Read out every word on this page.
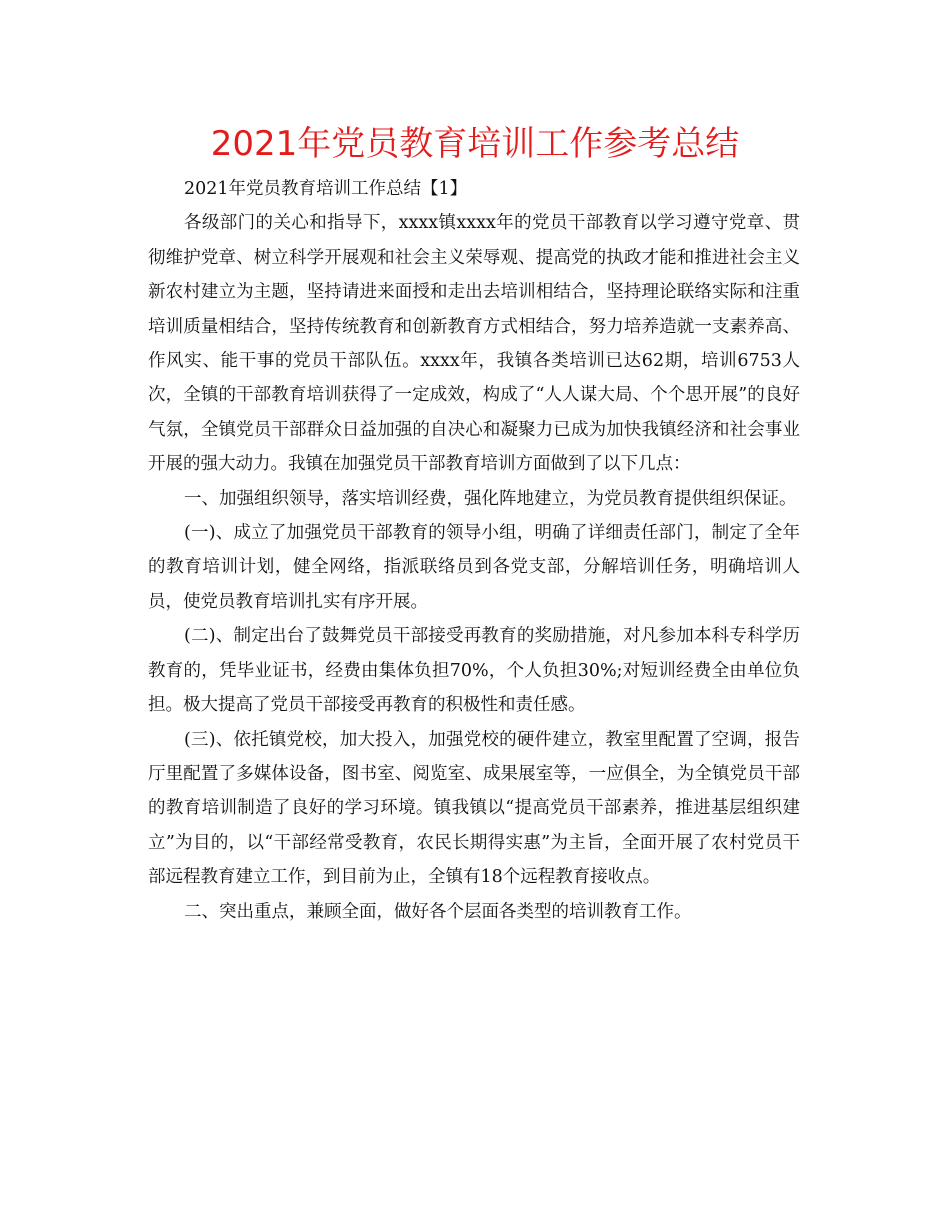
2021年党员教育培训工作参考总结

2021年党员教育培训工作总结【1】

各级部门的关心和指导下，xxxx镇xxxx年的党员干部教育以学习遵守党章、贯彻维护党章、树立科学开展观和社会主义荣辱观、提高党的执政才能和推进社会主义新农村建立为主题，坚持请进来面授和走出去培训相结合，坚持理论联络实际和注重培训质量相结合，坚持传统教育和创新教育方式相结合，努力培养造就一支素养高、作风实、能干事的党员干部队伍。xxxx年，我镇各类培训已达62期，培训6753人次，全镇的干部教育培训获得了一定成效，构成了“人人谋大局、个个思开展”的良好气氛，全镇党员干部群众日益加强的自决心和凝聚力已成为加快我镇经济和社会事业开展的强大动力。我镇在加强党员干部教育培训方面做到了以下几点：

一、加强组织领导，落实培训经费，强化阵地建立，为党员教育提供组织保证。

(一)、成立了加强党员干部教育的领导小组，明确了详细责任部门，制定了全年的教育培训计划，健全网络，指派联络员到各党支部，分解培训任务，明确培训人员，使党员教育培训扎实有序开展。

(二)、制定出台了鼓舞党员干部接受再教育的奖励措施，对凡参加本科专科学历教育的，凭毕业证书，经费由集体负担70%，个人负担30%;对短训经费全由单位负担。极大提高了党员干部接受再教育的积极性和责任感。

(三)、依托镇党校，加大投入，加强党校的硬件建立，教室里配置了空调，报告厅里配置了多媒体设备，图书室、阅览室、成果展室等，一应俱全，为全镇党员干部的教育培训制造了良好的学习环境。镇我镇以“提高党员干部素养，推进基层组织建立”为目的，以“干部经常受教育，农民长期得实惠”为主旨，全面开展了农村党员干部远程教育建立工作，到目前为止，全镇有18个远程教育接收点。

二、突出重点，兼顾全面，做好各个层面各类型的培训教育工作。
